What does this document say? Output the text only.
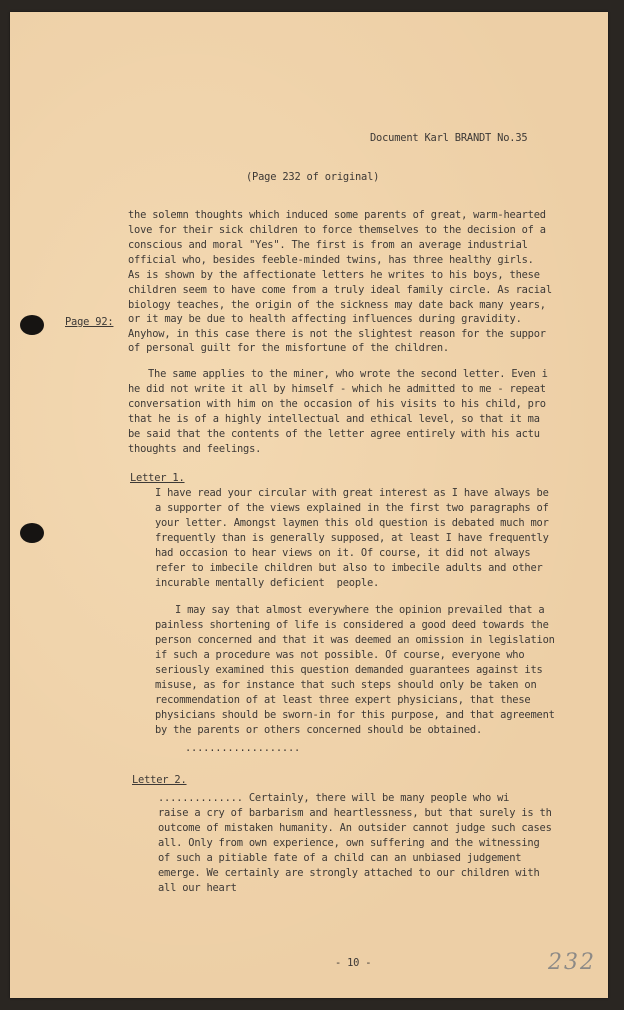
Document Karl BRANDT No.35
(Page 232 of original)
Page 92:
the solemn thoughts which induced some parents of great, warm-hearted
love for their sick children to force themselves to the decision of a
conscious and moral "Yes". The first is from an average industrial
official who, besides feeble-minded twins, has three healthy girls.
As is shown by the affectionate letters he writes to his boys, these
children seem to have come from a truly ideal family circle. As racial
biology teaches, the origin of the sickness may date back many years,
or it may be due to health affecting influences during gravidity.
Anyhow, in this case there is not the slightest reason for the suppor
of personal guilt for the misfortune of the children.
The same applies to the miner, who wrote the second letter. Even i
he did not write it all by himself - which he admitted to me - repeat
conversation with him on the occasion of his visits to his child, pro
that he is of a highly intellectual and ethical level, so that it ma
be said that the contents of the letter agree entirely with his actu
thoughts and feelings.
Letter 1.
I have read your circular with great interest as I have always be
a supporter of the views explained in the first two paragraphs of
your letter. Amongst laymen this old question is debated much mor
frequently than is generally supposed, at least I have frequently
had occasion to hear views on it. Of course, it did not always
refer to imbecile children but also to imbecile adults and other
incurable mentally deficient  people.
I may say that almost everywhere the opinion prevailed that a
painless shortening of life is considered a good deed towards the
person concerned and that it was deemed an omission in legislation
if such a procedure was not possible. Of course, everyone who
seriously examined this question demanded guarantees against its
misuse, as for instance that such steps should only be taken on
recommendation of at least three expert physicians, that these
physicians should be sworn-in for this purpose, and that agreement
by the parents or others concerned should be obtained.
...................
Letter 2.
.............. Certainly, there will be many people who wi
raise a cry of barbarism and heartlessness, but that surely is th
outcome of mistaken humanity. An outsider cannot judge such cases
all. Only from own experience, own suffering and the witnessing
of such a pitiable fate of a child can an unbiased judgement
emerge. We certainly are strongly attached to our children with
all our heart
- 10 -	232
